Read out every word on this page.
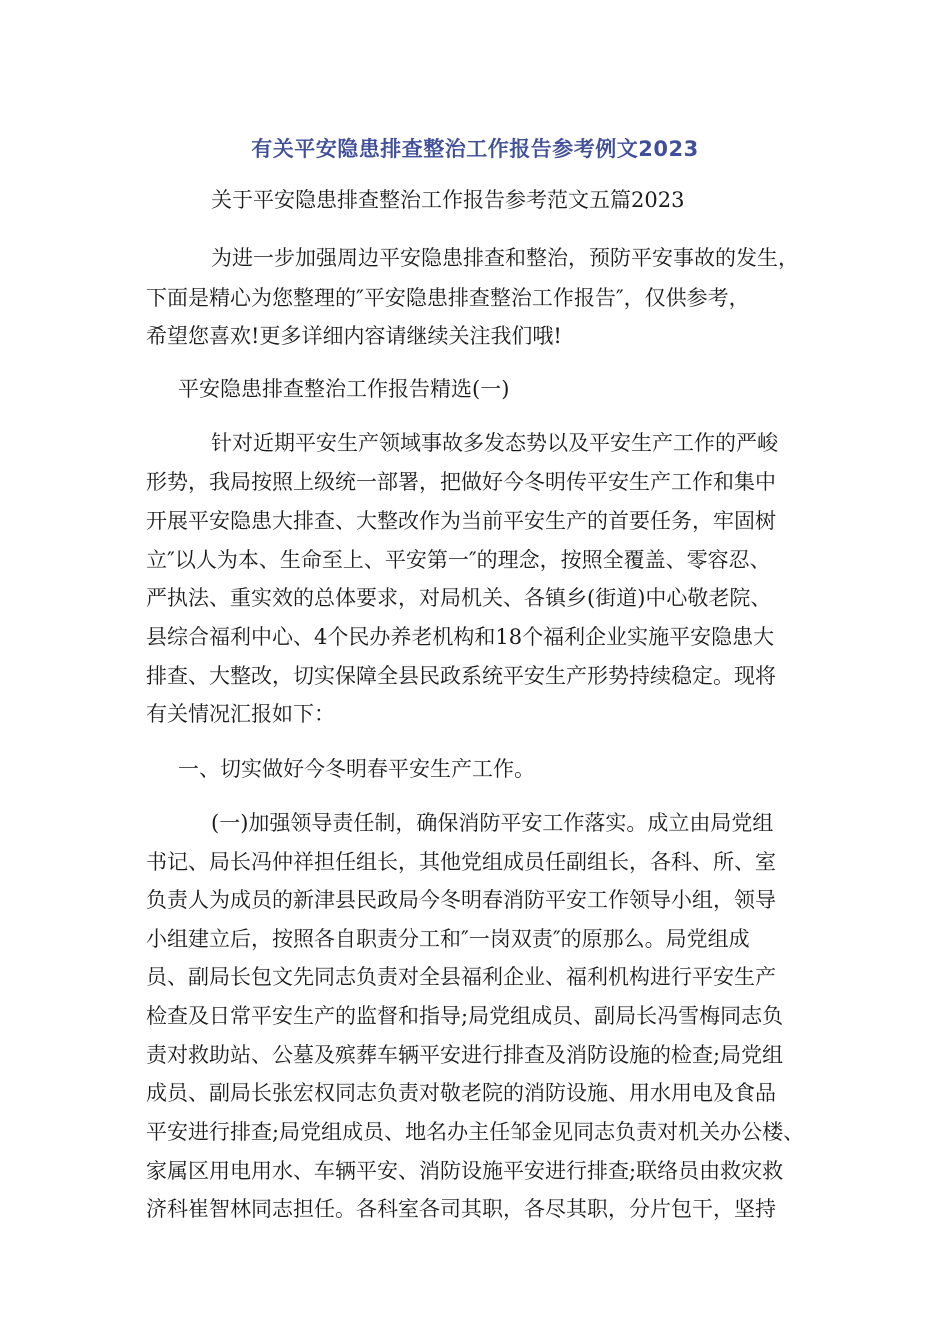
有关平安隐患排查整治工作报告参考例文2023
关于平安隐患排查整治工作报告参考范文五篇2023
为进一步加强周边平安隐患排查和整治，预防平安事故的发生，
下面是精心为您整理的″平安隐患排查整治工作报告″，仅供参考，
希望您喜欢!更多详细内容请继续关注我们哦!
平安隐患排查整治工作报告精选(一)
针对近期平安生产领域事故多发态势以及平安生产工作的严峻
形势，我局按照上级统一部署，把做好今冬明传平安生产工作和集中
开展平安隐患大排查、大整改作为当前平安生产的首要任务，牢固树
立″以人为本、生命至上、平安第一″的理念，按照全覆盖、零容忍、
严执法、重实效的总体要求，对局机关、各镇乡(街道)中心敬老院、
县综合福利中心、4个民办养老机构和18个福利企业实施平安隐患大
排查、大整改，切实保障全县民政系统平安生产形势持续稳定。现将
有关情况汇报如下：
一、切实做好今冬明春平安生产工作。
(一)加强领导责任制，确保消防平安工作落实。成立由局党组
书记、局长冯仲祥担任组长，其他党组成员任副组长，各科、所、室
负责人为成员的新津县民政局今冬明春消防平安工作领导小组，领导
小组建立后，按照各自职责分工和″一岗双责″的原那么。局党组成
员、副局长包文先同志负责对全县福利企业、福利机构进行平安生产
检查及日常平安生产的监督和指导;局党组成员、副局长冯雪梅同志负
责对救助站、公墓及殡葬车辆平安进行排查及消防设施的检查;局党组
成员、副局长张宏权同志负责对敬老院的消防设施、用水用电及食品
平安进行排查;局党组成员、地名办主任邹金见同志负责对机关办公楼、
家属区用电用水、车辆平安、消防设施平安进行排查;联络员由救灾救
济科崔智林同志担任。各科室各司其职，各尽其职，分片包干，坚持
